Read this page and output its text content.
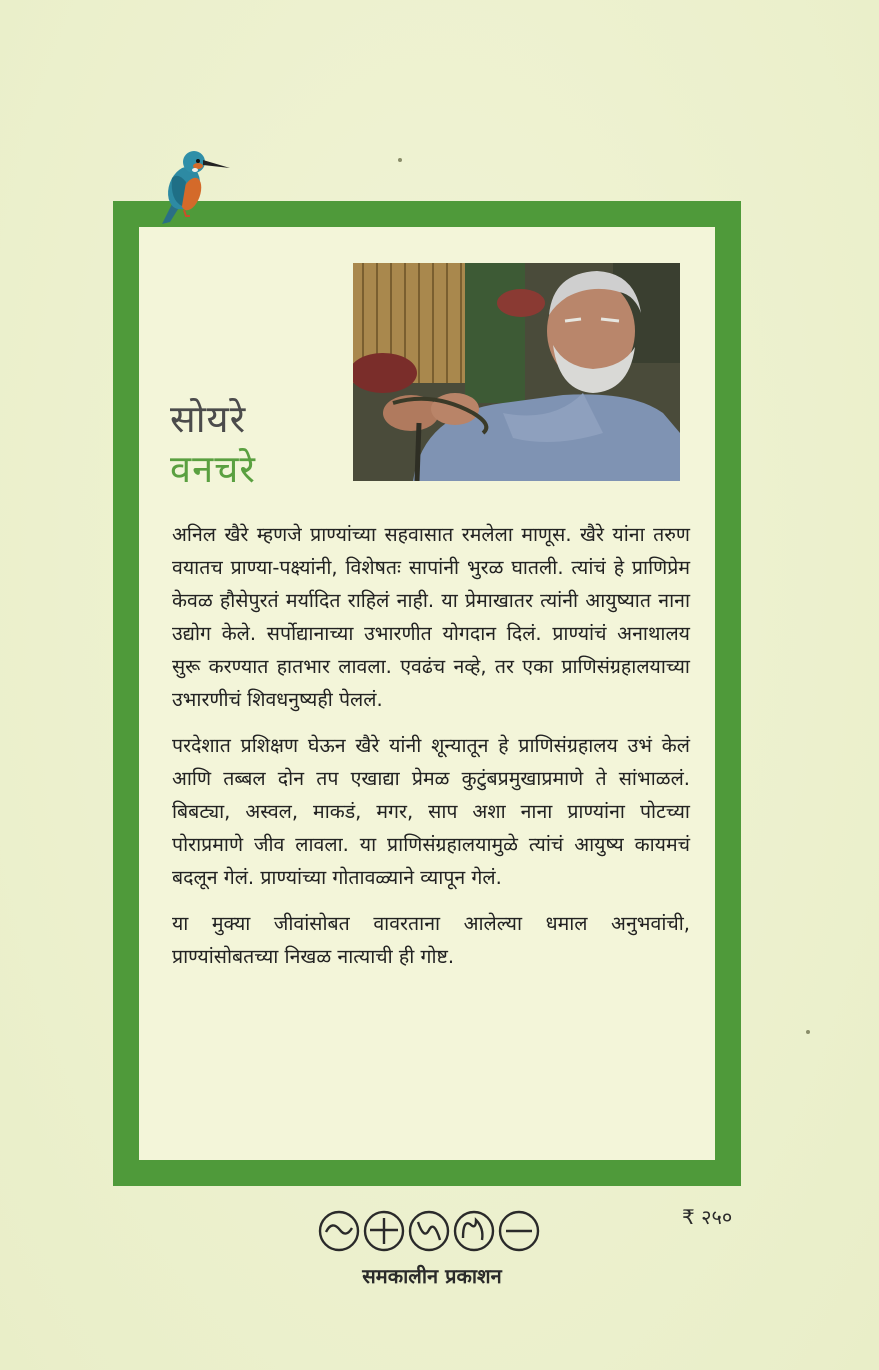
सोयरे
वनचरे

अनिल खैरे म्हणजे प्राण्यांच्या सहवासात रमलेला माणूस. खैरे यांना तरुण वयातच प्राण्या-पक्ष्यांनी, विशेषतः सापांनी भुरळ घातली. त्यांचं हे प्राणिप्रेम केवळ हौसेपुरतं मर्यादित राहिलं नाही. या प्रेमाखातर त्यांनी आयुष्यात नाना उद्योग केले. सर्पोद्यानाच्या उभारणीत योगदान दिलं. प्राण्यांचं अनाथालय सुरू करण्यात हातभार लावला. एवढंच नव्हे, तर एका प्राणिसंग्रहालयाच्या उभारणीचं शिवधनुष्यही पेललं.

परदेशात प्रशिक्षण घेऊन खैरे यांनी शून्यातून हे प्राणिसंग्रहालय उभं केलं आणि तब्बल दोन तप एखाद्या प्रेमळ कुटुंबप्रमुखाप्रमाणे ते सांभाळलं. बिबट्या, अस्वल, माकडं, मगर, साप अशा नाना प्राण्यांना पोटच्या पोराप्रमाणे जीव लावला. या प्राणिसंग्रहालयामुळे त्यांचं आयुष्य कायमचं बदलून गेलं. प्राण्यांच्या गोतावळ्याने व्यापून गेलं.

या मुक्या जीवांसोबत वावरताना आलेल्या धमाल अनुभवांची, प्राण्यांसोबतच्या निखळ नात्याची ही गोष्ट.

समकालीन प्रकाशन
₹ २५०
